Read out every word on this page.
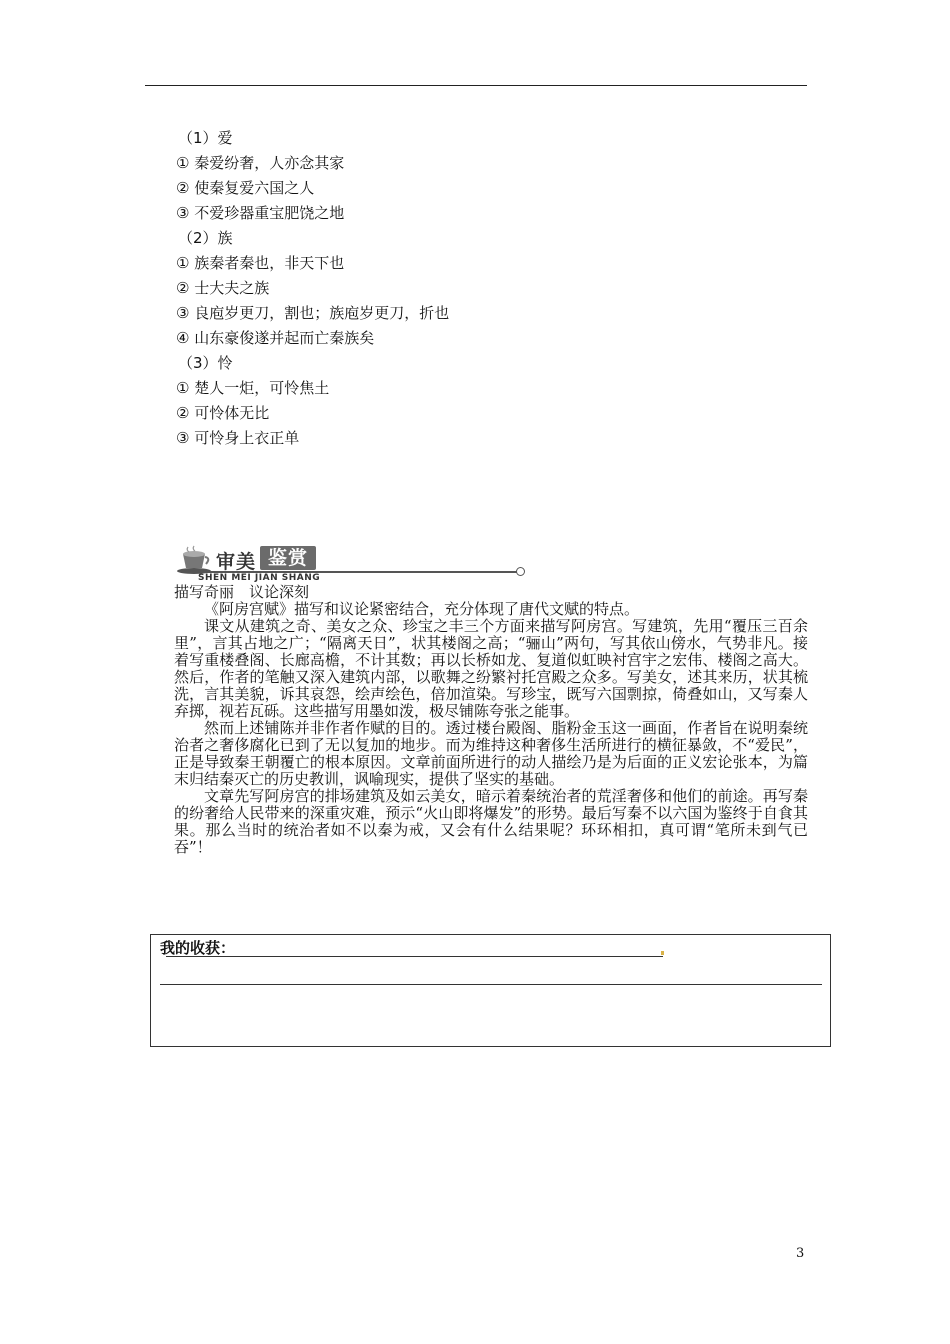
（1）爱
① 秦爱纷奢，人亦念其家
② 使秦复爱六国之人
③ 不爱珍器重宝肥饶之地
（2）族
① 族秦者秦也，非天下也
② 士大夫之族
③ 良庖岁更刀，割也；族庖岁更刀，折也
④ 山东豪俊遂并起而亡秦族矣
（3）怜
① 楚人一炬，可怜焦土
② 可怜体无比
③ 可怜身上衣正单
审美 鉴赏
SHEN MEI JIAN SHANG

描写奇丽　议论深刻

《阿房宫赋》描写和议论紧密结合，充分体现了唐代文赋的特点。

课文从建筑之奇、美女之众、珍宝之丰三个方面来描写阿房宫。写建筑，先用“覆压三百余里”，言其占地之广；“隔离天日”，状其楼阁之高；“骊山”两句，写其依山傍水，气势非凡。接着写重楼叠阁、长廊高檐，不计其数；再以长桥如龙、复道似虹映衬宫宇之宏伟、楼阁之高大。然后，作者的笔触又深入建筑内部，以歌舞之纷繁衬托宫殿之众多。写美女，述其来历，状其梳洗，言其美貌，诉其哀怨，绘声绘色，倍加渲染。写珍宝，既写六国剽掠，倚叠如山，又写秦人弃掷，视若瓦砾。这些描写用墨如泼，极尽铺陈夸张之能事。

然而上述铺陈并非作者作赋的目的。透过楼台殿阁、脂粉金玉这一画面，作者旨在说明秦统治者之奢侈腐化已到了无以复加的地步。而为维持这种奢侈生活所进行的横征暴敛，不“爱民”，正是导致秦王朝覆亡的根本原因。文章前面所进行的动人描绘乃是为后面的正义宏论张本，为篇末归结秦灭亡的历史教训，讽喻现实，提供了坚实的基础。

文章先写阿房宫的排场建筑及如云美女，暗示着秦统治者的荒淫奢侈和他们的前途。再写秦的纷奢给人民带来的深重灾难，预示“火山即将爆发”的形势。最后写秦不以六国为鉴终于自食其果。那么当时的统治者如不以秦为戒，又会有什么结果呢？环环相扣，真可谓“笔所未到气已吞”！

我的收获：
3
